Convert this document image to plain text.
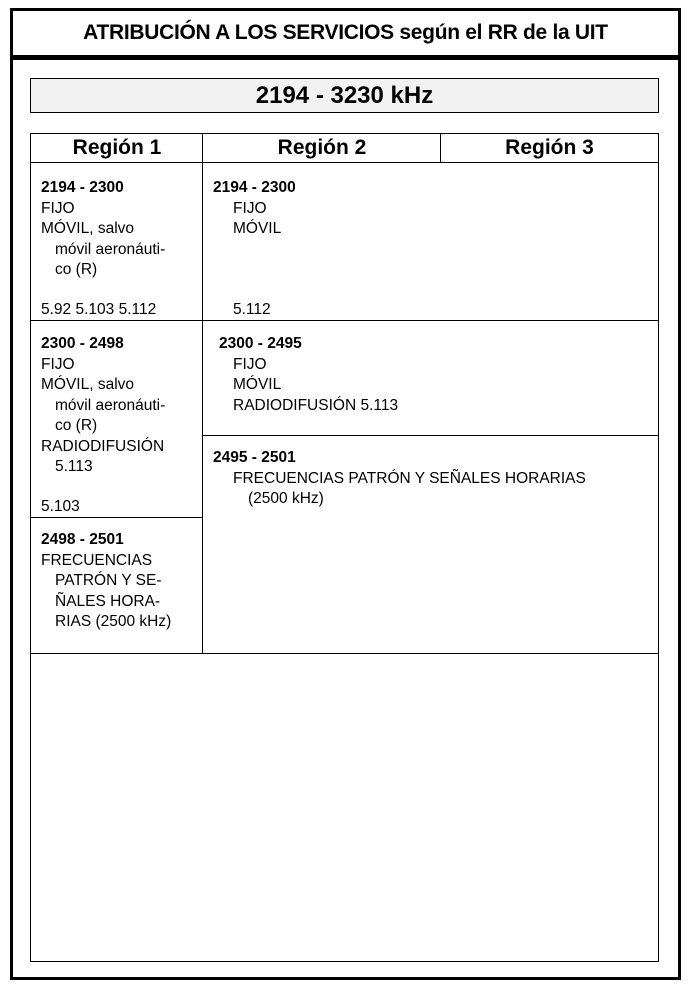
ATRIBUCIÓN A LOS SERVICIOS según el RR de la UIT
2194 - 3230 kHz
Región 1	Región 2	Región 3
2194 - 2300
FIJO
MÓVIL, salvo
móvil aeronáuti-
co (R)
5.92 5.103 5.112
2300 - 2498
FIJO
MÓVIL, salvo
móvil aeronáuti-
co (R)
RADIODIFUSIÓN
5.113
5.103
2498 - 2501
FRECUENCIAS
PATRÓN Y SE-
ÑALES HORA-
RIAS (2500 kHz)
2194 - 2300
FIJO
MÓVIL
5.112
2300 - 2495
FIJO
MÓVIL
RADIODIFUSIÓN 5.113
2495 - 2501
FRECUENCIAS PATRÓN Y SEÑALES HORARIAS
(2500 kHz)
